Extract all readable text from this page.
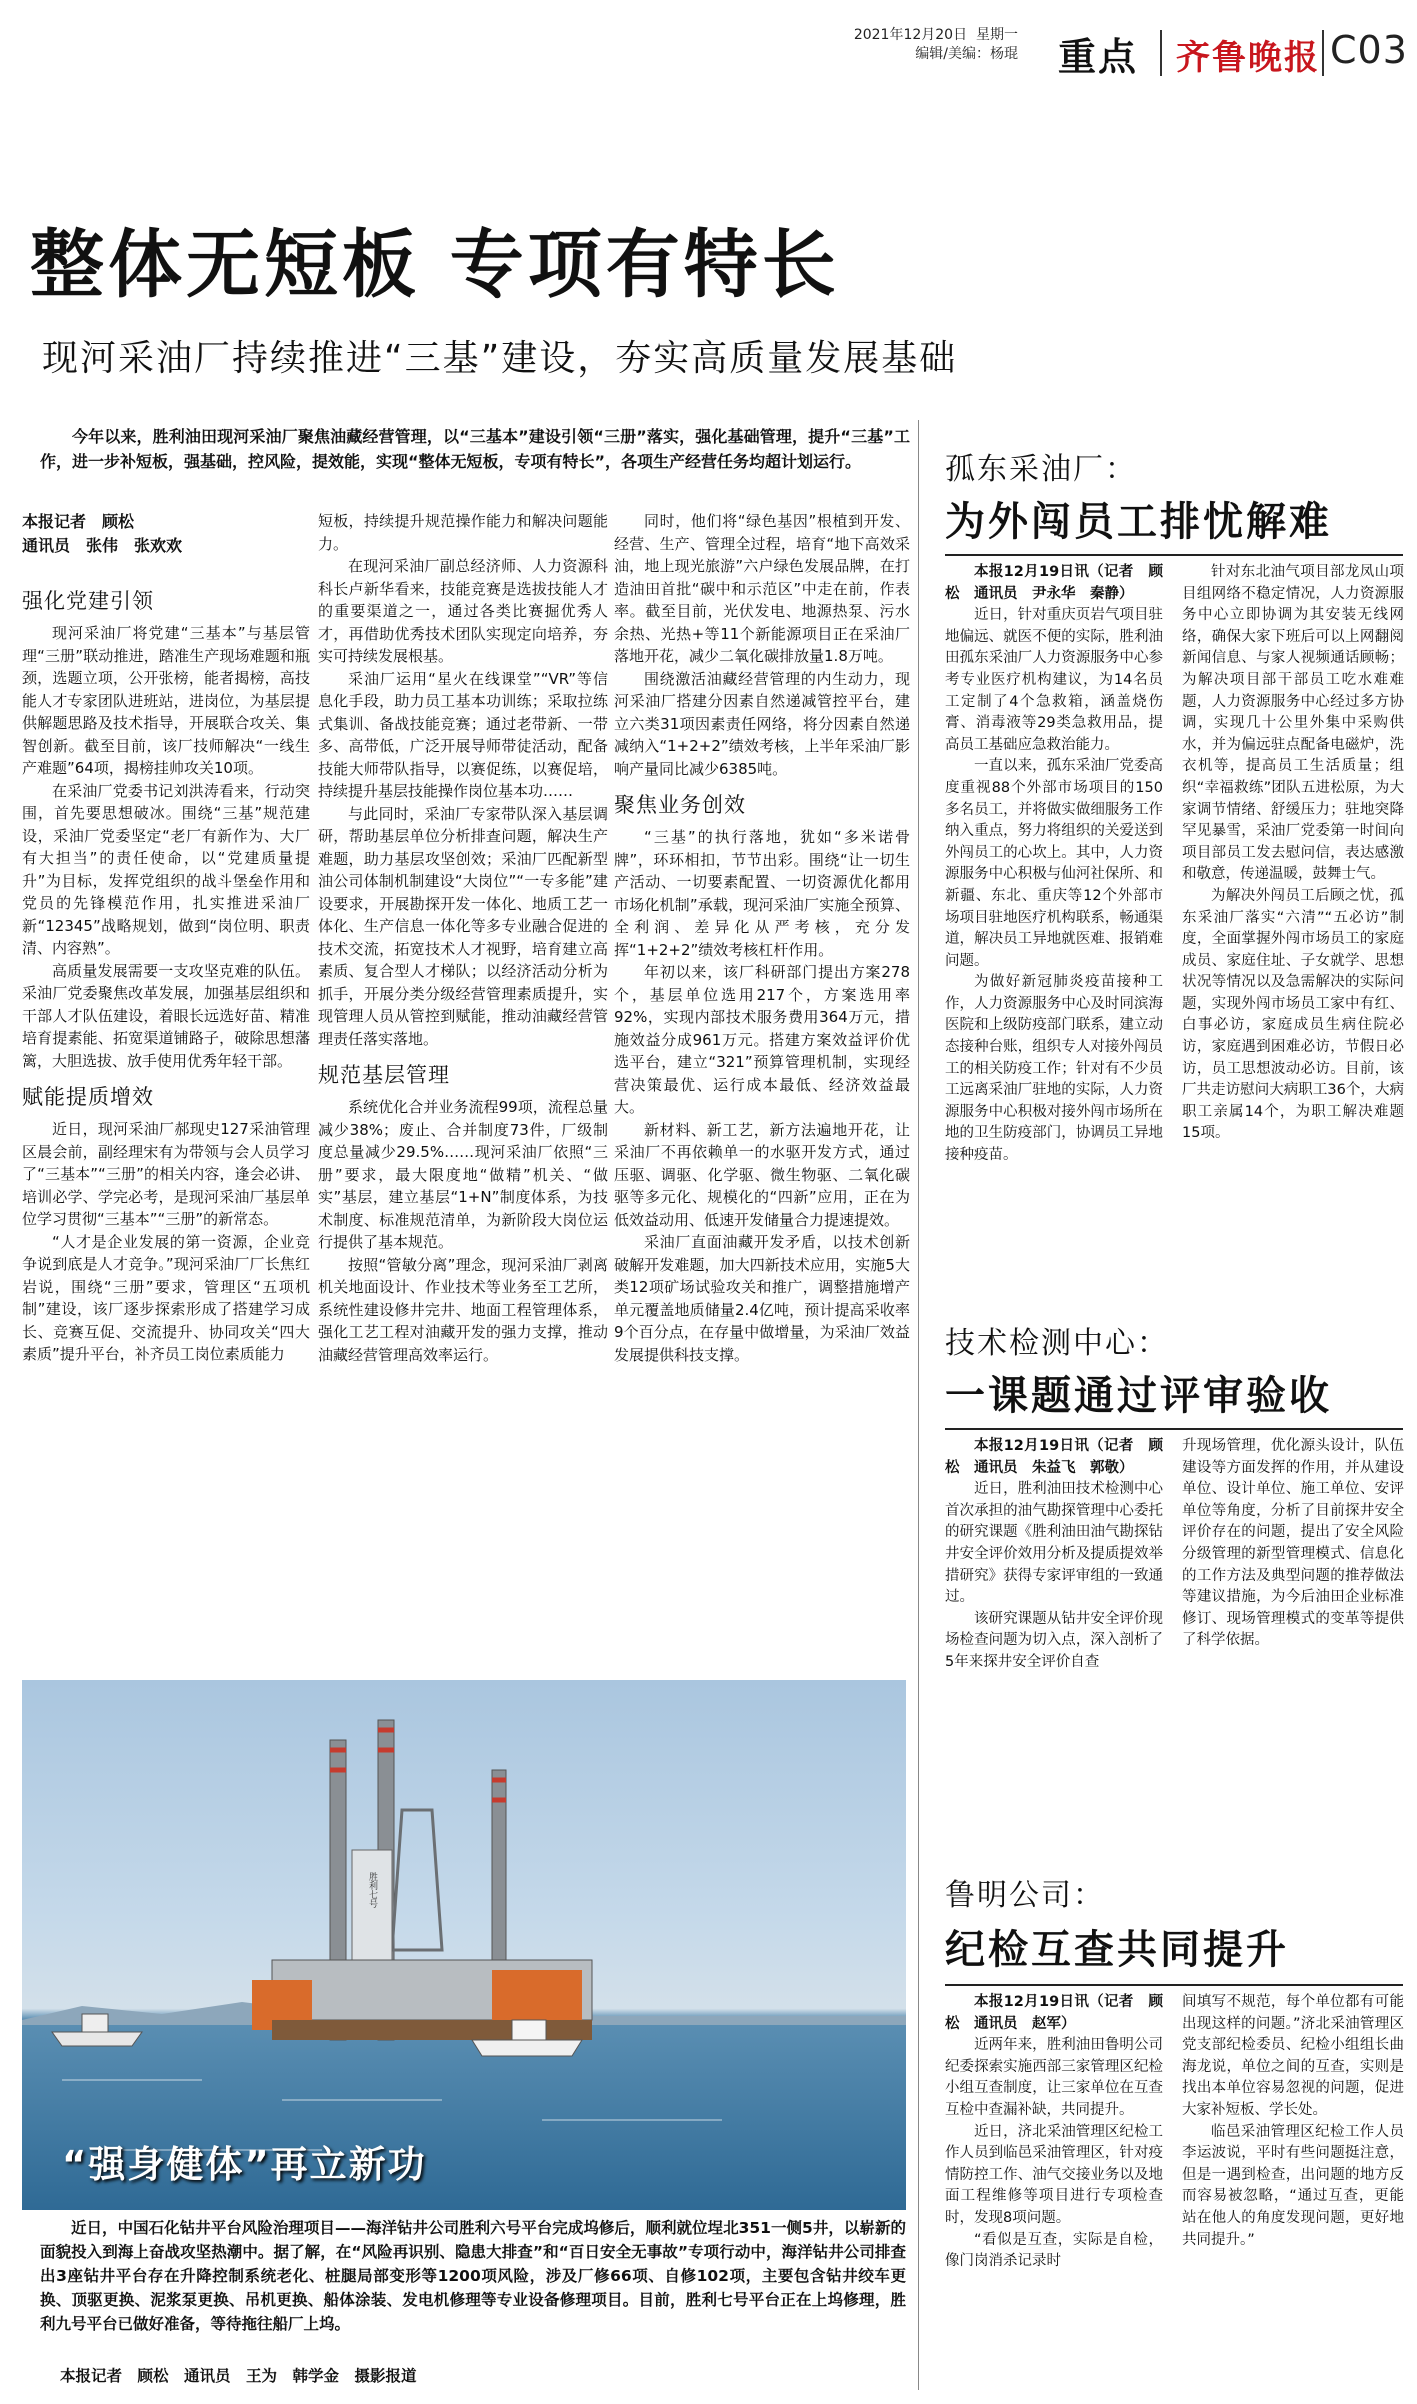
2021年12月20日 星期一
编辑/美编：杨琨 重点 齐鲁晚报 C03
整体无短板 专项有特长
现河采油厂持续推进“三基”建设，夯实高质量发展基础
今年以来，胜利油田现河采油厂聚焦油藏经营管理，以“三基本”建设引领“三册”落实，强化基础管理，提升“三基”工作，进一步补短板，强基础，控风险，提效能，实现“整体无短板，专项有特长”，各项生产经营任务均超计划运行。

本报记者　顾松

通讯员　张伟　张欢欢

强化党建引领

现河采油厂将党建“三基本”与基层管理“三册”联动推进，踏准生产现场难题和瓶颈，选题立项，公开张榜，能者揭榜，高技能人才专家团队进班站，进岗位，为基层提供解题思路及技术指导，开展联合攻关、集智创新。截至目前，该厂技师解决“一线生产难题”64项，揭榜挂帅攻关10项。

在采油厂党委书记刘洪涛看来，行动突围，首先要思想破冰。围绕“三基”规范建设，采油厂党委坚定“老厂有新作为、大厂有大担当”的责任使命，以“党建质量提升”为目标，发挥党组织的战斗堡垒作用和党员的先锋模范作用，扎实推进采油厂新“12345”战略规划，做到“岗位明、职责清、内容熟”。

高质量发展需要一支攻坚克难的队伍。采油厂党委聚焦改革发展，加强基层组织和干部人才队伍建设，着眼长远选好苗、精准培育提素能、拓宽渠道铺路子，破除思想藩篱，大胆选拔、放手使用优秀年轻干部。

赋能提质增效

近日，现河采油厂郝现史127采油管理区晨会前，副经理宋有为带领与会人员学习了“三基本”“三册”的相关内容，逢会必讲、培训必学、学完必考，是现河采油厂基层单位学习贯彻“三基本”“三册”的新常态。

“人才是企业发展的第一资源，企业竞争说到底是人才竞争。”现河采油厂厂长焦红岩说，围绕“三册”要求，管理区“五项机制”建设，该厂逐步探索形成了搭建学习成长、竞赛互促、交流提升、协同攻关“四大素质”提升平台，补齐员工岗位素质能力

短板，持续提升规范操作能力和解决问题能力。

在现河采油厂副总经济师、人力资源科科长卢新华看来，技能竞赛是选拔技能人才的重要渠道之一，通过各类比赛掘优秀人才，再借助优秀技术团队实现定向培养，夯实可持续发展根基。

采油厂运用“星火在线课堂”“VR”等信息化手段，助力员工基本功训练；采取拉练式集训、备战技能竞赛；通过老带新、一带多、高带低，广泛开展导师带徒活动，配备技能大师带队指导，以赛促练，以赛促培，持续提升基层技能操作岗位基本功……

与此同时，采油厂专家带队深入基层调研，帮助基层单位分析排查问题，解决生产难题，助力基层攻坚创效；采油厂匹配新型油公司体制机制建设“大岗位”“一专多能”建设要求，开展勘探开发一体化、地质工艺一体化、生产信息一体化等多专业融合促进的技术交流，拓宽技术人才视野，培育建立高素质、复合型人才梯队；以经济活动分析为抓手，开展分类分级经营管理素质提升，实现管理人员从管控到赋能，推动油藏经营管理责任落实落地。

规范基层管理

系统优化合并业务流程99项，流程总量减少38%；废止、合并制度73件，厂级制度总量减少29.5%……现河采油厂依照“三册”要求，最大限度地“做精”机关、“做实”基层，建立基层“1+N”制度体系，为技术制度、标准规范清单，为新阶段大岗位运行提供了基本规范。

按照“管敏分离”理念，现河采油厂剥离机关地面设计、作业技术等业务至工艺所，系统性建设修井完井、地面工程管理体系，强化工艺工程对油藏开发的强力支撑，推动油藏经营管理高效率运行。

同时，他们将“绿色基因”根植到开发、经营、生产、管理全过程，培育“地下高效采油，地上现光旅游”六户绿色发展品牌，在打造油田首批“碳中和示范区”中走在前，作表率。截至目前，光伏发电、地源热泵、污水余热、光热+等11个新能源项目正在采油厂落地开花，减少二氧化碳排放量1.8万吨。

围绕激活油藏经营管理的内生动力，现河采油厂搭建分因素自然递减管控平台，建立六类31项因素责任网络，将分因素自然递减纳入“1+2+2”绩效考核，上半年采油厂影响产量同比减少6385吨。

聚焦业务创效

“三基”的执行落地，犹如“多米诺骨牌”，环环相扣，节节出彩。围绕“让一切生产活动、一切要素配置、一切资源优化都用市场化机制”承载，现河采油厂实施全预算、全利润、差异化从严考核，充分发挥“1+2+2”绩效考核杠杆作用。

年初以来，该厂科研部门提出方案278个，基层单位选用217个，方案选用率92%，实现内部技术服务费用364万元，措施效益分成961万元。搭建方案效益评价优选平台，建立“321”预算管理机制，实现经营决策最优、运行成本最低、经济效益最大。

新材料、新工艺，新方法遍地开花，让采油厂不再依赖单一的水驱开发方式，通过压驱、调驱、化学驱、微生物驱、二氧化碳驱等多元化、规模化的“四新”应用，正在为低效益动用、低速开发储量合力提速提效。

采油厂直面油藏开发矛盾，以技术创新破解开发难题，加大四新技术应用，实施5大类12项矿场试验攻关和推广，调整措施增产单元覆盖地质储量2.4亿吨，预计提高采收率9个百分点，在存量中做增量，为采油厂效益发展提供科技支撑。

胜利七号
“强身健体”再立新功
近日，中国石化钻井平台风险治理项目——海洋钻井公司胜利六号平台完成坞修后，顺利就位埕北351一侧5井，以崭新的面貌投入到海上奋战攻坚热潮中。据了解，在“风险再识别、隐患大排查”和“百日安全无事故”专项行动中，海洋钻井公司排查出3座钻井平台存在升降控制系统老化、桩腿局部变形等1200项风险，涉及厂修66项、自修102项，主要包含钻井绞车更换、顶驱更换、泥浆泵更换、吊机更换、船体涂装、发电机修理等专业设备修理项目。目前，胜利七号平台正在上坞修理，胜利九号平台已做好准备，等待拖往船厂上坞。
本报记者　顾松　通讯员　王为　韩学金　摄影报道
孤东采油厂：
为外闯员工排忧解难

本报12月19日讯（记者　顾松　通讯员　尹永华　秦静）

近日，针对重庆页岩气项目驻地偏远、就医不便的实际，胜利油田孤东采油厂人力资源服务中心参考专业医疗机构建议，为14名员工定制了4个急救箱，涵盖烧伤膏、消毒液等29类急救用品，提高员工基础应急救治能力。

一直以来，孤东采油厂党委高度重视88个外部市场项目的150多名员工，并将做实做细服务工作纳入重点，努力将组织的关爱送到外闯员工的心坎上。其中，人力资源服务中心积极与仙河社保所、和新疆、东北、重庆等12个外部市场项目驻地医疗机构联系，畅通渠道，解决员工异地就医难、报销难问题。

为做好新冠肺炎疫苗接种工作，人力资源服务中心及时同滨海医院和上级防疫部门联系，建立动态接种台账，组织专人对接外闯员工的相关防疫工作；针对有不少员工远离采油厂驻地的实际，人力资源服务中心积极对接外闯市场所在地的卫生防疫部门，协调员工异地接种疫苗。

针对东北油气项目部龙凤山项目组网络不稳定情况，人力资源服务中心立即协调为其安装无线网络，确保大家下班后可以上网翻阅新闻信息、与家人视频通话顾畅；为解决项目部干部员工吃水难难题，人力资源服务中心经过多方协调，实现几十公里外集中采购供水，并为偏远驻点配备电磁炉，洗衣机等，提高员工生活质量；组织“幸福救练”团队五进松原，为大家调节情绪、舒缓压力；驻地突降罕见暴雪，采油厂党委第一时间向项目部员工发去慰问信，表达感激和敬意，传递温暖，鼓舞士气。

为解决外闯员工后顾之忧，孤东采油厂落实“六清”“五必访”制度，全面掌握外闯市场员工的家庭成员、家庭住址、子女就学、思想状况等情况以及急需解决的实际问题，实现外闯市场员工家中有红、白事必访，家庭成员生病住院必访，家庭遇到困难必访，节假日必访，员工思想波动必访。目前，该厂共走访慰问大病职工36个，大病职工亲属14个，为职工解决难题15项。

技术检测中心：
一课题通过评审验收

本报12月19日讯（记者　顾松　通讯员　朱益飞　郭敬）

近日，胜利油田技术检测中心首次承担的油气勘探管理中心委托的研究课题《胜利油田油气勘探钻井安全评价效用分析及提质提效举措研究》获得专家评审组的一致通过。

该研究课题从钻井安全评价现场检查问题为切入点，深入剖析了5年来探井安全评价自查

升现场管理，优化源头设计，队伍建设等方面发挥的作用，并从建设单位、设计单位、施工单位、安评单位等角度，分析了目前探井安全评价存在的问题，提出了安全风险分级管理的新型管理模式、信息化的工作方法及典型问题的推荐做法等建议措施，为今后油田企业标准修订、现场管理模式的变革等提供了科学依据。

鲁明公司：
纪检互查共同提升

本报12月19日讯（记者　顾松　通讯员　赵军）

近两年来，胜利油田鲁明公司纪委探索实施西部三家管理区纪检小组互查制度，让三家单位在互查互检中查漏补缺，共同提升。

近日，济北采油管理区纪检工作人员到临邑采油管理区，针对疫情防控工作、油气交接业务以及地面工程维修等项目进行专项检查时，发现8项问题。

“看似是互查，实际是自检，像门岗消杀记录时

间填写不规范，每个单位都有可能出现这样的问题。”济北采油管理区党支部纪检委员、纪检小组组长曲海龙说，单位之间的互查，实则是找出本单位容易忽视的问题，促进大家补短板、学长处。

临邑采油管理区纪检工作人员李运波说，平时有些问题挺注意，但是一遇到检查，出问题的地方反而容易被忽略，“通过互查，更能站在他人的角度发现问题，更好地共同提升。”
